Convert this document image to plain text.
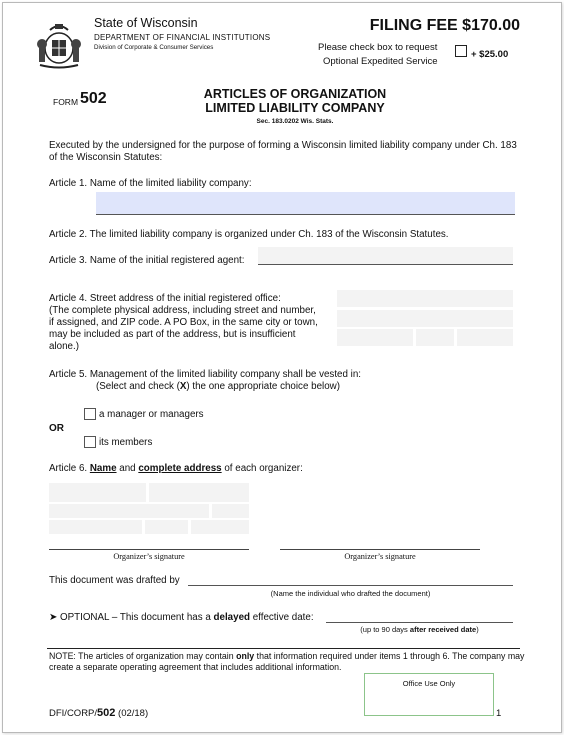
State of Wisconsin
DEPARTMENT OF FINANCIAL INSTITUTIONS
Division of Corporate & Consumer Services
FILING FEE $170.00
Please check box to request
Optional Expedited Service
+ $25.00
FORM 502	ARTICLES OF ORGANIZATION
LIMITED LIABILITY COMPANY
Sec. 183.0202 Wis. Stats.
Executed by the undersigned for the purpose of forming a Wisconsin limited liability company under Ch. 183 of the Wisconsin Statutes:
Article 1. Name of the limited liability company:
Article 2. The limited liability company is organized under Ch. 183 of the Wisconsin Statutes.
Article 3. Name of the initial registered agent:
Article 4. Street address of the initial registered office:
(The complete physical address, including street and number, if assigned, and ZIP code. A PO Box, in the same city or town, may be included as part of the address, but is insufficient alone.)
Article 5. Management of the limited liability company shall be vested in:
(Select and check (X) the one appropriate choice below)
a manager or managers
OR
its members
Article 6. Name and complete address of each organizer:
Organizer’s signature	Organizer’s signature
This document was drafted by
(Name the individual who drafted the document)
➤ OPTIONAL – This document has a delayed effective date:
(up to 90 days after received date)
NOTE: The articles of organization may contain only that information required under items 1 through 6. The company may create a separate operating agreement that includes additional information.
Office Use Only
DFI/CORP/502 (02/18)	1
